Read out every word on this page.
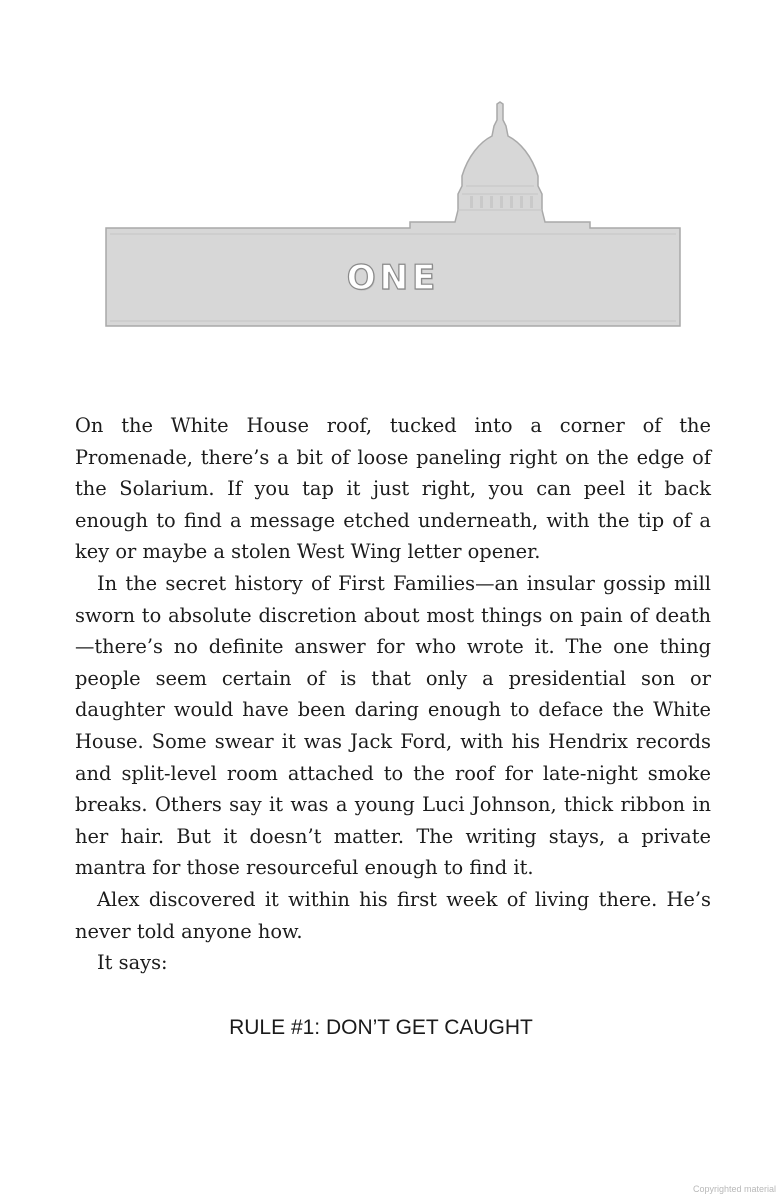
ONE

On the White House roof, tucked into a corner of the Promenade, there’s a bit of loose paneling right on the edge of the Solarium. If you tap it just right, you can peel it back enough to find a message etched underneath, with the tip of a key or maybe a stolen West Wing letter opener.

In the secret history of First Families—an insular gossip mill sworn to absolute discretion about most things on pain of death—there’s no definite answer for who wrote it. The one thing people seem certain of is that only a presidential son or daughter would have been daring enough to deface the White House. Some swear it was Jack Ford, with his Hendrix records and split-level room attached to the roof for late-night smoke breaks. Others say it was a young Luci Johnson, thick ribbon in her hair. But it doesn’t matter. The writing stays, a private mantra for those resourceful enough to find it.

Alex discovered it within his first week of living there. He’s never told anyone how.

It says:

RULE #1: DON’T GET CAUGHT
Copyrighted material
